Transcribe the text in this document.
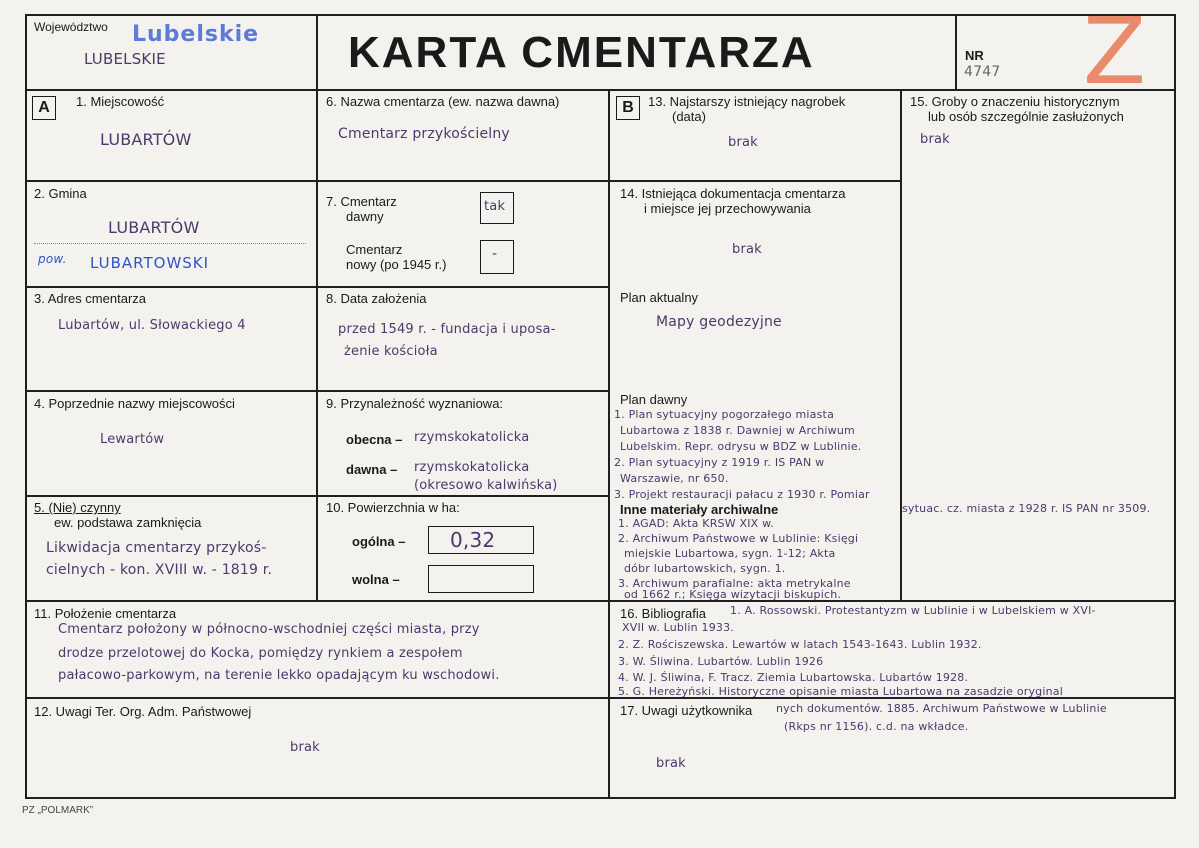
Województwo Lubelskie
LUBELSKIE	KARTA CMENTARZA	NR
4747 Z
A	1. Miejscowość
LUBARTÓW
2. Gmina
LUBARTÓW
pow. LUBARTOWSKI
3. Adres cmentarza
Lubartów, ul. Słowackiego 4
4. Poprzednie nazwy miejscowości
Lewartów
5. (Nie) czynny
ew. podstawa zamknięcia
Likwidacja cmentarzy przykoś-
cielnych - kon. XVIII w. - 1819 r.
6. Nazwa cmentarza (ew. nazwa dawna)
Cmentarz przykościelny
7. Cmentarz
dawny
tak
Cmentarz
nowy (po 1945 r.)
-
8. Data założenia
przed 1549 r. - fundacja i uposa-
żenie kościoła
9. Przynależność wyznaniowa:
obecna – rzymskokatolicka
dawna – rzymskokatolicka
(okresowo kalwińska)
10. Powierzchnia w ha:
ogólna – 0,32
wolna –
B	13. Najstarszy istniejący nagrobek
(data)
brak
14. Istniejąca dokumentacja cmentarza
i miejsce jej przechowywania
brak
Plan aktualny
Mapy geodezyjne
Plan dawny
1. Plan sytuacyjny pogorzałego miasta
Lubartowa z 1838 r. Dawniej w Archiwum
Lubelskim. Repr. odrysu w BDZ w Lublinie.
2. Plan sytuacyjny z 1919 r. IS PAN w
Warszawie, nr 650.
3. Projekt restauracji pałacu z 1930 r. Pomiar
sytuac. cz. miasta z 1928 r. IS PAN nr 3509.
Inne materiały archiwalne
1. AGAD: Akta KRSW XIX w.
2. Archiwum Państwowe w Lublinie: Księgi
miejskie Lubartowa, sygn. 1-12; Akta
dóbr lubartowskich, sygn. 1.
3. Archiwum parafialne: akta metrykalne
od 1662 r.; Księga wizytacji biskupich.
15. Groby o znaczeniu historycznym
lub osób szczególnie zasłużonych
brak
11. Położenie cmentarza
Cmentarz położony w północno-wschodniej części miasta, przy
drodze przelotowej do Kocka, pomiędzy rynkiem a zespołem
pałacowo-parkowym, na terenie lekko opadającym ku wschodowi.
12. Uwagi Ter. Org. Adm. Państwowej
brak
16. Bibliografia 1. A. Rossowski. Protestantyzm w Lublinie i w Lubelskiem w XVI-
XVII w. Lublin 1933.
2. Z. Rościszewska. Lewartów w latach 1543-1643. Lublin 1932.
3. W. Śliwina. Lubartów. Lublin 1926
4. W. J. Śliwina, F. Tracz. Ziemia Lubartowska. Lubartów 1928.
5. G. Hereżyński. Historyczne opisanie miasta Lubartowa na zasadzie oryginal
17. Uwagi użytkownika nych dokumentów. 1885. Archiwum Państwowe w Lublinie
(Rkps nr 1156). c.d. na wkładce.
brak
PZ „POLMARK”
